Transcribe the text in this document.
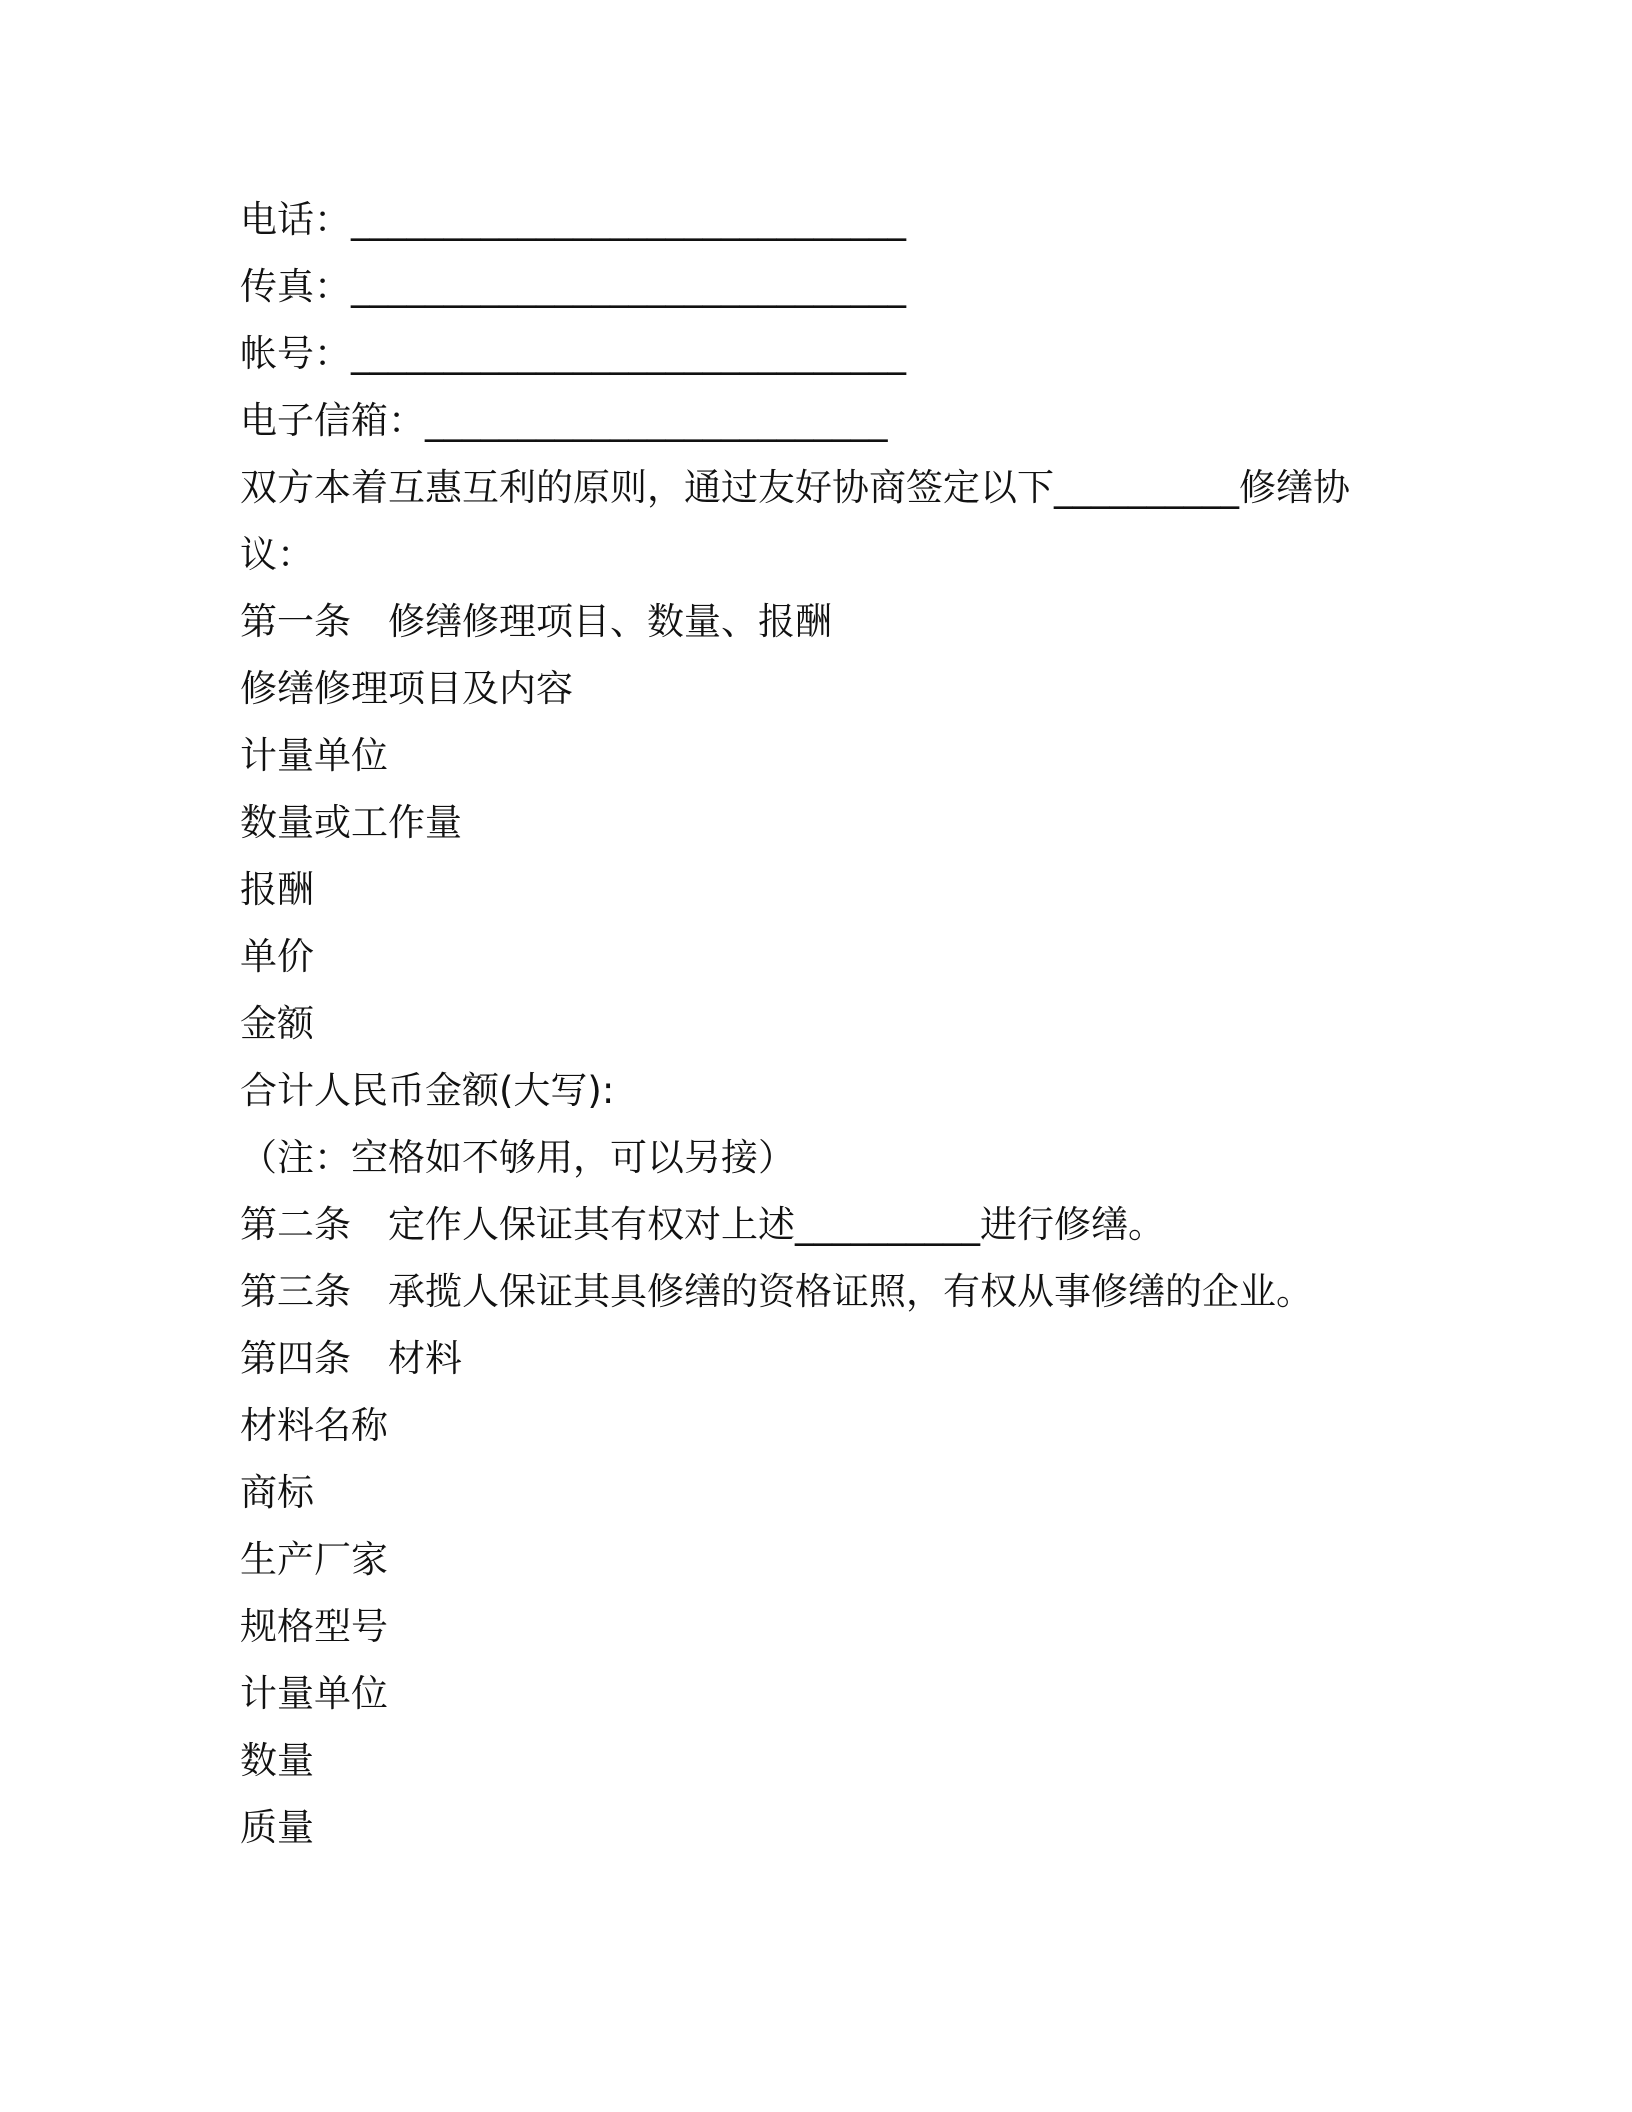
电话：______________________________
传真：______________________________
帐号：______________________________
电子信箱：_________________________
双方本着互惠互利的原则，通过友好协商签定以下__________修缮协
议：
第一条　修缮修理项目、数量、报酬
修缮修理项目及内容
计量单位
数量或工作量
报酬
单价
金额
合计人民币金额(大写):
（注：空格如不够用，可以另接）
第二条　定作人保证其有权对上述__________进行修缮。
第三条　承揽人保证其具修缮的资格证照，有权从事修缮的企业。
第四条　材料
材料名称
商标
生产厂家
规格型号
计量单位
数量
质量
